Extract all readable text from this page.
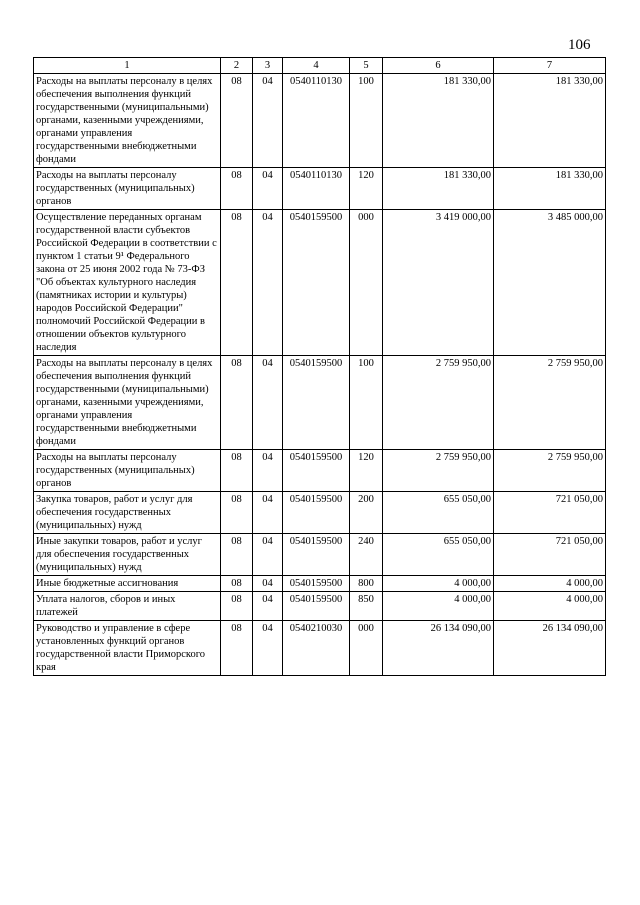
106
1	2	3	4	5	6	7
Расходы на выплаты персоналу в целях обеспечения выполнения функций государственными (муниципальными) органами, казенными учреждениями, органами управления государственными внебюджетными фондами	08	04	0540110130	100	181 330,00	181 330,00
Расходы на выплаты персоналу государственных (муниципальных) органов	08	04	0540110130	120	181 330,00	181 330,00
Осуществление переданных органам государственной власти субъектов Российской Федерации в соответствии с пунктом 1 статьи 9¹ Федерального закона от 25 июня 2002 года № 73-ФЗ "Об объектах культурного наследия (памятниках истории и культуры) народов Российской Федерации" полномочий Российской Федерации в отношении объектов культурного наследия	08	04	0540159500	000	3 419 000,00	3 485 000,00
Расходы на выплаты персоналу в целях обеспечения выполнения функций государственными (муниципальными) органами, казенными учреждениями, органами управления государственными внебюджетными фондами	08	04	0540159500	100	2 759 950,00	2 759 950,00
Расходы на выплаты персоналу государственных (муниципальных) органов	08	04	0540159500	120	2 759 950,00	2 759 950,00
Закупка товаров, работ и услуг для обеспечения государственных (муниципальных) нужд	08	04	0540159500	200	655 050,00	721 050,00
Иные закупки товаров, работ и услуг для обеспечения государственных (муниципальных) нужд	08	04	0540159500	240	655 050,00	721 050,00
Иные бюджетные ассигнования	08	04	0540159500	800	4 000,00	4 000,00
Уплата налогов, сборов и иных платежей	08	04	0540159500	850	4 000,00	4 000,00
Руководство и управление в сфере установленных функций органов государственной власти Приморского края	08	04	0540210030	000	26 134 090,00	26 134 090,00
